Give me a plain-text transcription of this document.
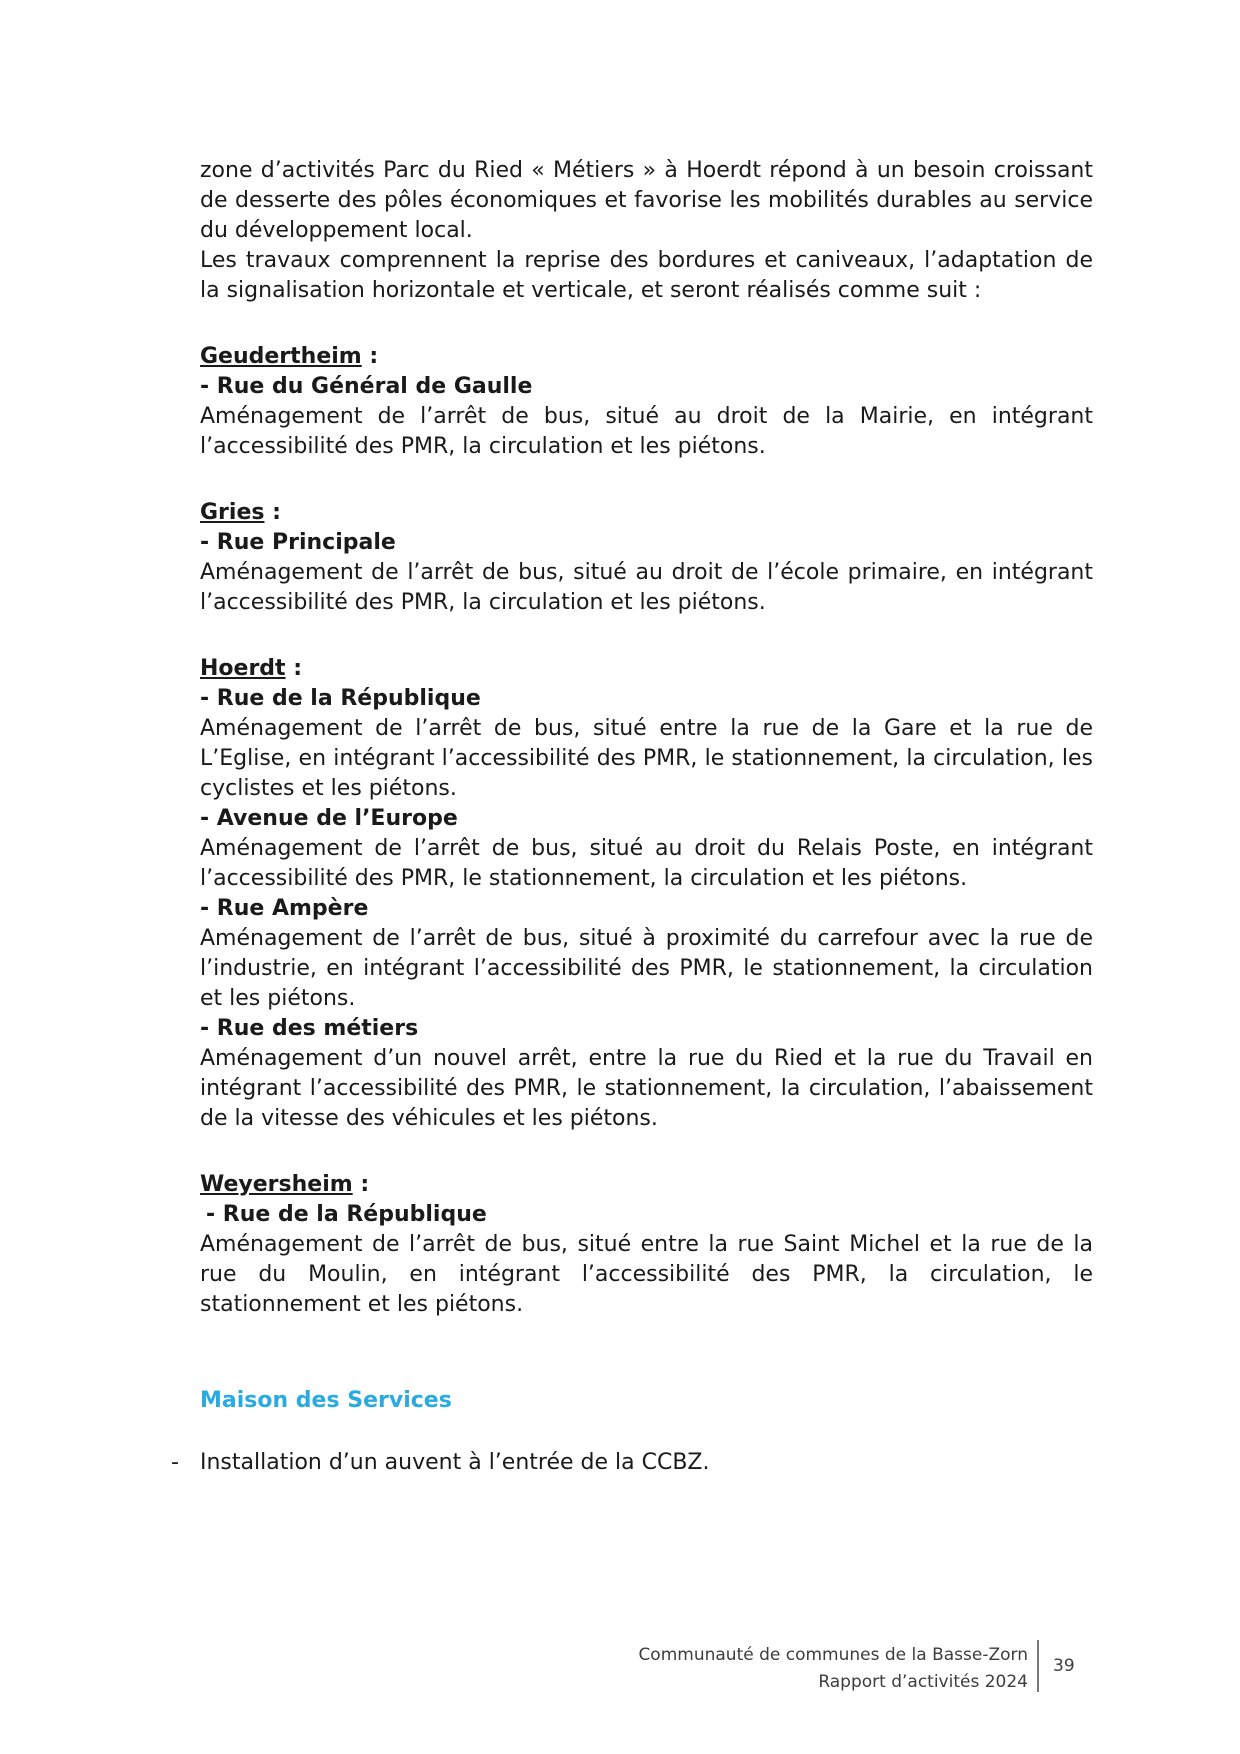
zone d’activités Parc du Ried « Métiers » à Hoerdt répond à un besoin croissant de desserte des pôles économiques et favorise les mobilités durables au service du développement local.

Les travaux comprennent la reprise des bordures et caniveaux, l’adaptation de la signalisation horizontale et verticale, et seront réalisés comme suit :

Geudertheim :
- Rue du Général de Gaulle

Aménagement de l’arrêt de bus, situé au droit de la Mairie, en intégrant l’accessibilité des PMR, la circulation et les piétons.

Gries :
- Rue Principale

Aménagement de l’arrêt de bus, situé au droit de l’école primaire, en intégrant l’accessibilité des PMR, la circulation et les piétons.

Hoerdt :
- Rue de la République

Aménagement de l’arrêt de bus, situé entre la rue de la Gare et la rue de L’Eglise, en intégrant l’accessibilité des PMR, le stationnement, la circulation, les cyclistes et les piétons.

- Avenue de l’Europe

Aménagement de l’arrêt de bus, situé au droit du Relais Poste, en intégrant l’accessibilité des PMR, le stationnement, la circulation et les piétons.

- Rue Ampère

Aménagement de l’arrêt de bus, situé à proximité du carrefour avec la rue de l’industrie, en intégrant l’accessibilité des PMR, le stationnement, la circulation et les piétons.

- Rue des métiers

Aménagement d’un nouvel arrêt, entre la rue du Ried et la rue du Travail en intégrant l’accessibilité des PMR, le stationnement, la circulation, l’abaissement de la vitesse des véhicules et les piétons.

Weyersheim :
- Rue de la République

Aménagement de l’arrêt de bus, situé entre la rue Saint Michel et la rue de la rue du Moulin, en intégrant l’accessibilité des PMR, la circulation, le stationnement et les piétons.

Maison des Services
- Installation d’un auvent à l’entrée de la CCBZ.
Communauté de communes de la Basse-Zorn
Rapport d’activités 2024
39
